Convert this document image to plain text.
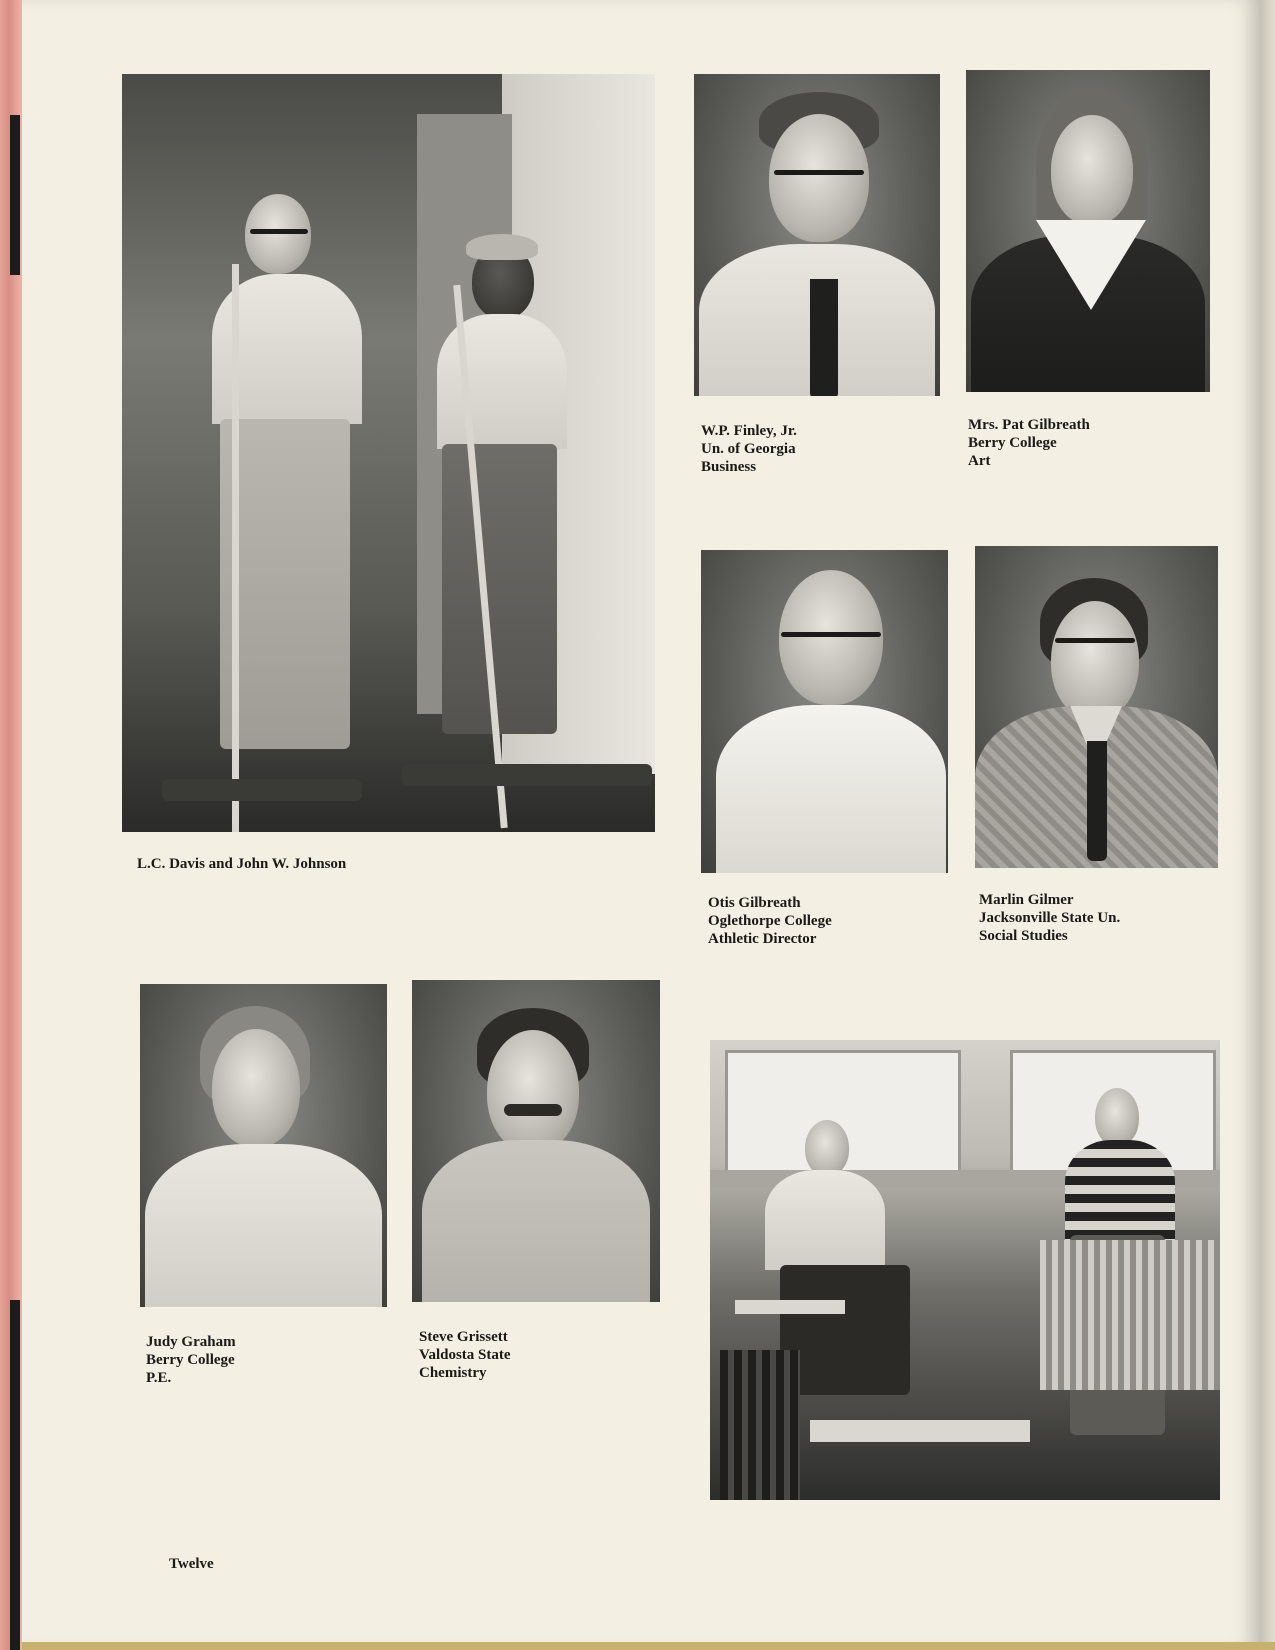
L.C. Davis and John W. Johnson

W.P. Finley, Jr.
Un. of Georgia
Business

Mrs. Pat Gilbreath
Berry College
Art

Otis Gilbreath
Oglethorpe College
Athletic Director

Marlin Gilmer
Jacksonville State Un.
Social Studies

Judy Graham
Berry College
P.E.

Steve Grissett
Valdosta State
Chemistry

Twelve
